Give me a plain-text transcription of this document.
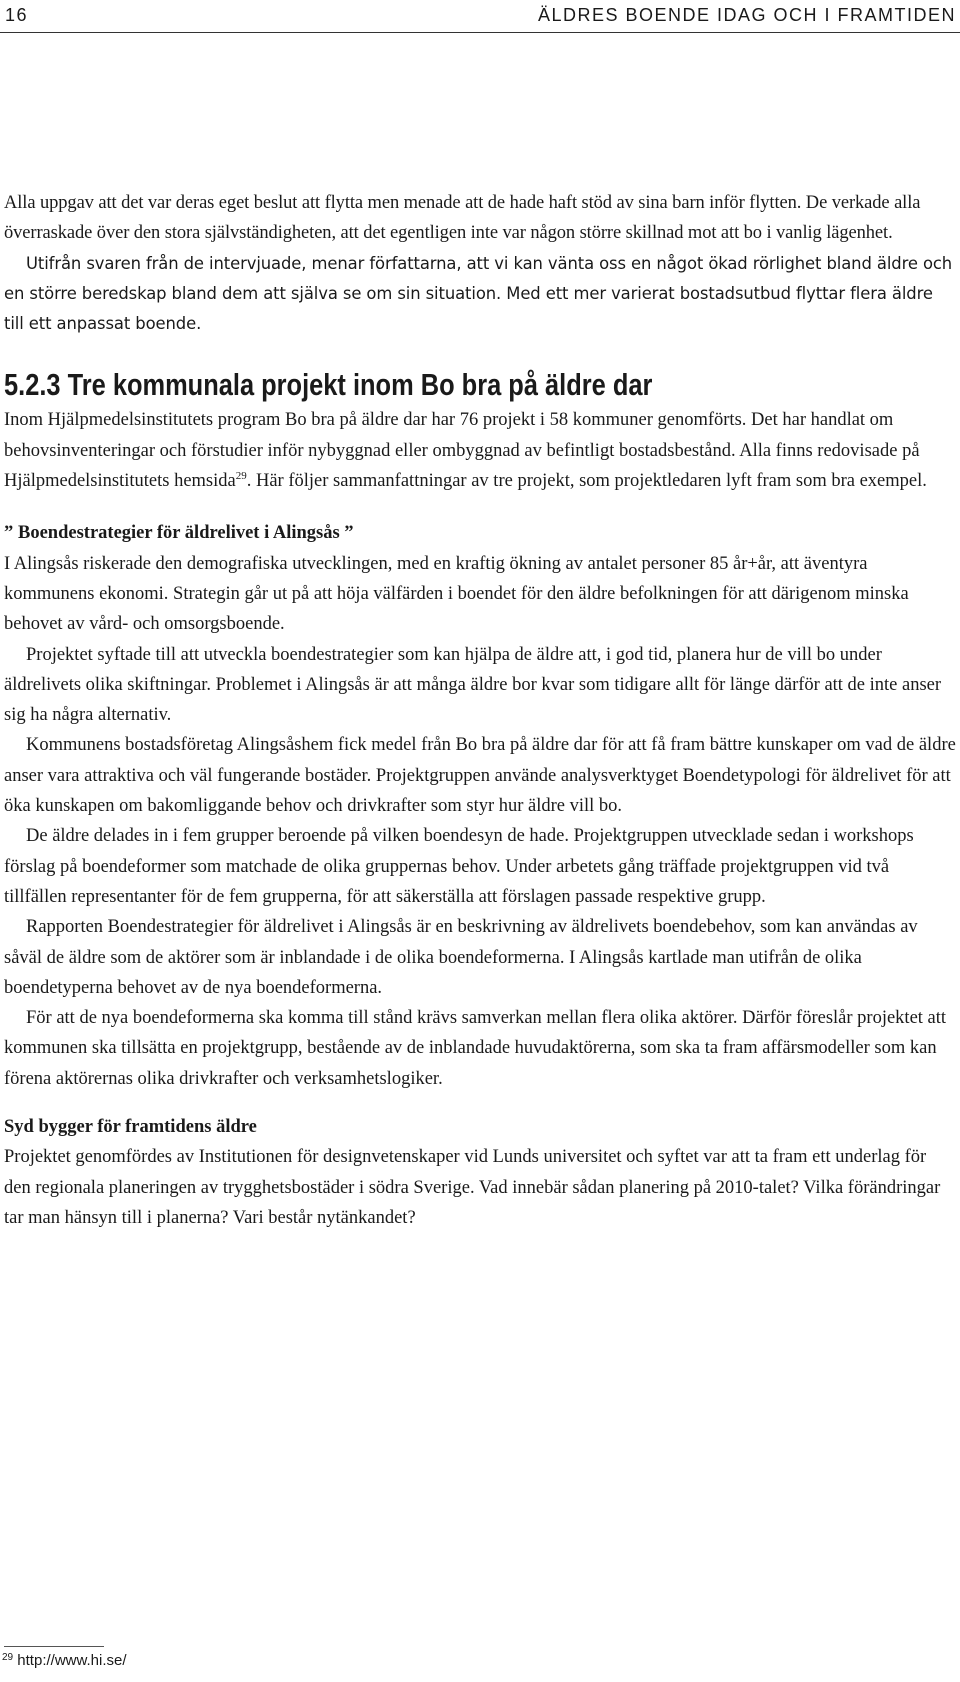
16	ÄLDRES BOENDE IDAG OCH I FRAMTIDEN

Alla uppgav att det var deras eget beslut att flytta men menade att de hade haft stöd av sina barn inför flytten. De verkade alla överraskade över den stora självständigheten, att det egentligen inte var någon större skillnad mot att bo i vanlig lägenhet.

Utifrån svaren från de intervjuade, menar författarna, att vi kan vänta oss en något ökad rörlighet bland äldre och en större beredskap bland dem att själva se om sin situation. Med ett mer varierat bostadsutbud flyttar flera äldre till ett anpassat boende.

5.2.3 Tre kommunala projekt inom Bo bra på äldre dar

Inom Hjälpmedelsinstitutets program Bo bra på äldre dar har 76 projekt i 58 kommuner genomförts. Det har handlat om behovsinventeringar och förstudier inför nybyggnad eller ombyggnad av befintligt bostadsbestånd. Alla finns redovisade på Hjälpmedelsinstitutets hemsida$^{29}$. Här följer sammanfattningar av tre projekt, som projektledaren lyft fram som bra exempel.

” Boendestrategier för äldrelivet i Alingsås ”

I Alingsås riskerade den demografiska utvecklingen, med en kraftig ökning av antalet personer 85 år+år, att äventyra kommunens ekonomi. Strategin går ut på att höja välfärden i boendet för den äldre befolkningen för att därigenom minska behovet av vård- och omsorgsboende.

Projektet syftade till att utveckla boendestrategier som kan hjälpa de äldre att, i god tid, planera hur de vill bo under äldrelivets olika skiftningar. Problemet i Alingsås är att många äldre bor kvar som tidigare allt för länge därför att de inte anser sig ha några alternativ.

Kommunens bostadsföretag Alingsåshem fick medel från Bo bra på äldre dar för att få fram bättre kunskaper om vad de äldre anser vara attraktiva och väl fungerande bostäder. Projektgruppen använde analysverktyget Boendetypologi för äldrelivet för att öka kunskapen om bakomliggande behov och drivkrafter som styr hur äldre vill bo.

De äldre delades in i fem grupper beroende på vilken boendesyn de hade. Projektgruppen utvecklade sedan i workshops förslag på boendeformer som matchade de olika gruppernas behov. Under arbetets gång träffade projektgruppen vid två tillfällen representanter för de fem grupperna, för att säkerställa att förslagen passade respektive grupp.

Rapporten Boendestrategier för äldrelivet i Alingsås är en beskrivning av äldrelivets boendebehov, som kan användas av såväl de äldre som de aktörer som är inblandade i de olika boendeformerna. I Alingsås kartlade man utifrån de olika boendetyperna behovet av de nya boendeformerna.

För att de nya boendeformerna ska komma till stånd krävs samverkan mellan flera olika aktörer. Därför föreslår projektet att kommunen ska tillsätta en projektgrupp, bestående av de inblandade huvudaktörerna, som ska ta fram affärsmodeller som kan förena aktörernas olika drivkrafter och verksamhetslogiker.

Syd bygger för framtidens äldre

Projektet genomfördes av Institutionen för designvetenskaper vid Lunds universitet och syftet var att ta fram ett underlag för den regionala planeringen av trygghetsbostäder i södra Sverige. Vad innebär sådan planering på 2010-talet? Vilka förändringar tar man hänsyn till i planerna? Vari består nytänkandet?

$^{29}$ http://www.hi.se/
